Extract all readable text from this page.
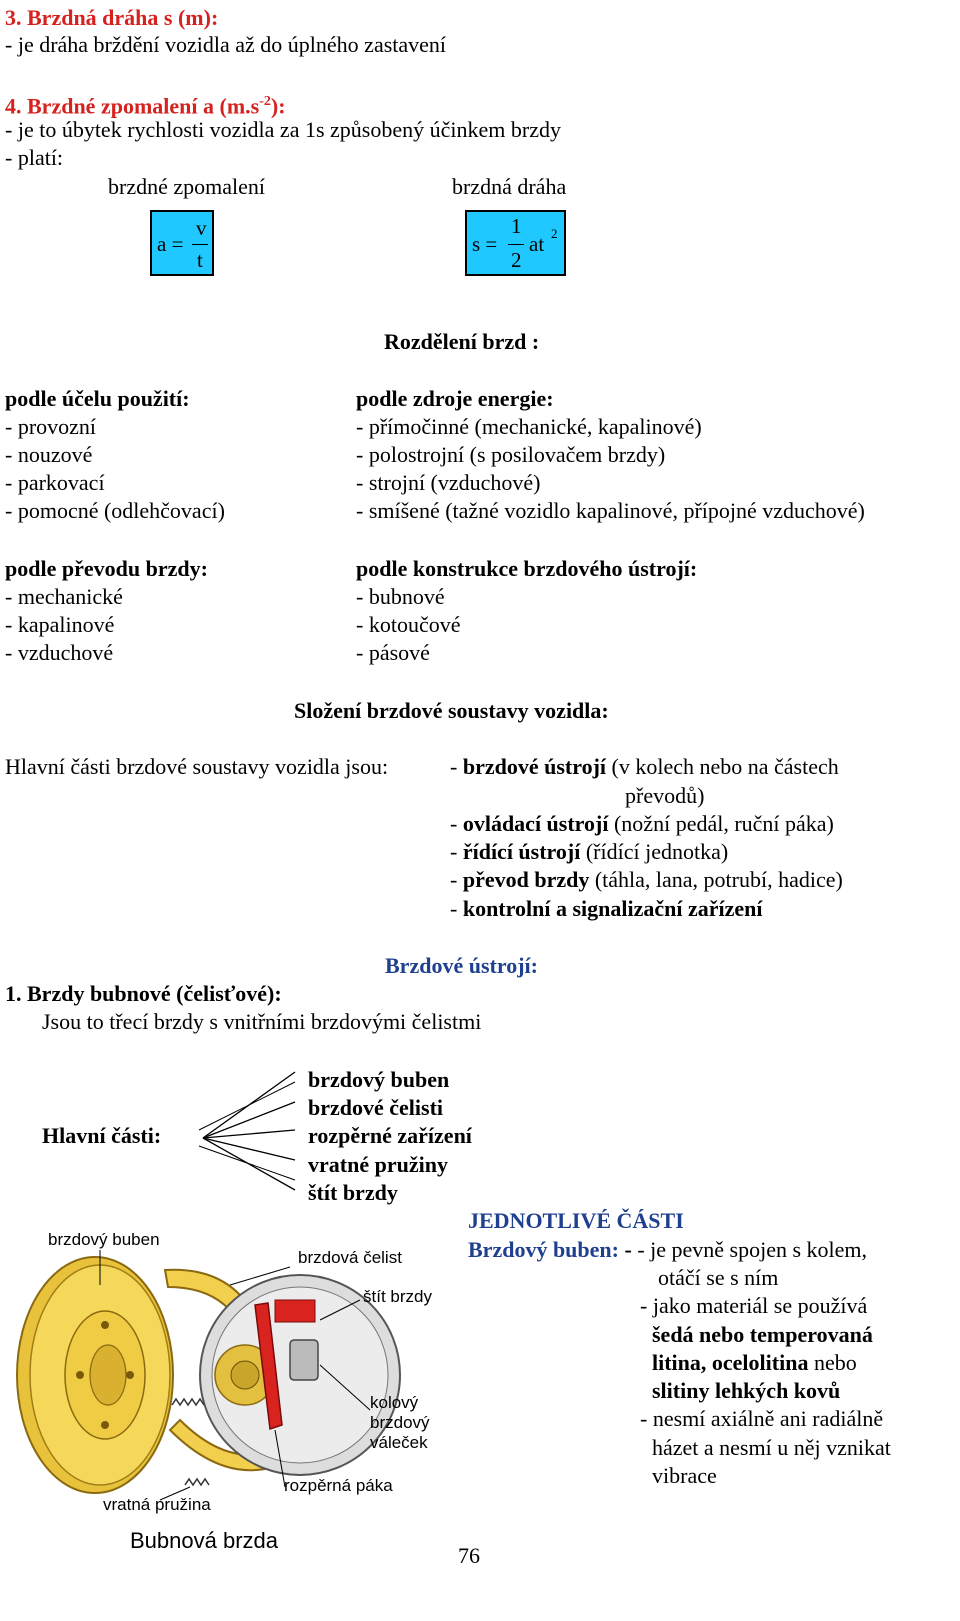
3. Brzdná dráha s (m):
- je dráha brždění vozidla až do úplného zastavení
4. Brzdné zpomalení a $(m.s^{-2})$:
- je to úbytek rychlosti vozidla za 1s způsobený účinkem brzdy
- platí:
brzdné zpomalení	brzdná dráha
a =
v
t
s =
1
2
at 2
Rozdělení brzd :
podle účelu použití:
- provozní
- nouzové
- parkovací
- pomocné (odlehčovací)
podle zdroje energie:
- přímočinné (mechanické, kapalinové)
- polostrojní (s posilovačem brzdy)
- strojní (vzduchové)
- smíšené (tažné vozidlo kapalinové, přípojné vzduchové)
podle převodu brzdy:
- mechanické
- kapalinové
- vzduchové
podle konstrukce brzdového ústrojí:
- bubnové
- kotoučové
- pásové
Složení brzdové soustavy vozidla:
Hlavní části brzdové soustavy vozidla jsou:	- brzdové ústrojí (v kolech nebo na částech
převodů)
- ovládací ústrojí (nožní pedál, ruční páka)
- řídící ústrojí (řídící jednotka)
- převod brzdy (táhla, lana, potrubí, hadice)
- kontrolní a signalizační zařízení
Brzdové ústrojí:
1. Brzdy bubnové (čelisťové):
Jsou to třecí brzdy s vnitřními brzdovými čelistmi
Hlavní části:
brzdový buben
brzdové čelisti
rozpěrné zařízení
vratné pružiny
štít brzdy
brzdový buben
brzdová čelist
štít brzdy
kolový
brzdový
váleček
rozpěrná páka
vratná pružina
Bubnová brzda
JEDNOTLIVÉ ČÁSTI
Brzdový buben: - - je pevně spojen s kolem,
otáčí se s ním
- jako materiál se používá
šedá nebo temperovaná
litina, ocelolitina nebo
slitiny lehkých kovů
- nesmí axiálně ani radiálně
házet a nesmí u něj vznikat
vibrace
76
